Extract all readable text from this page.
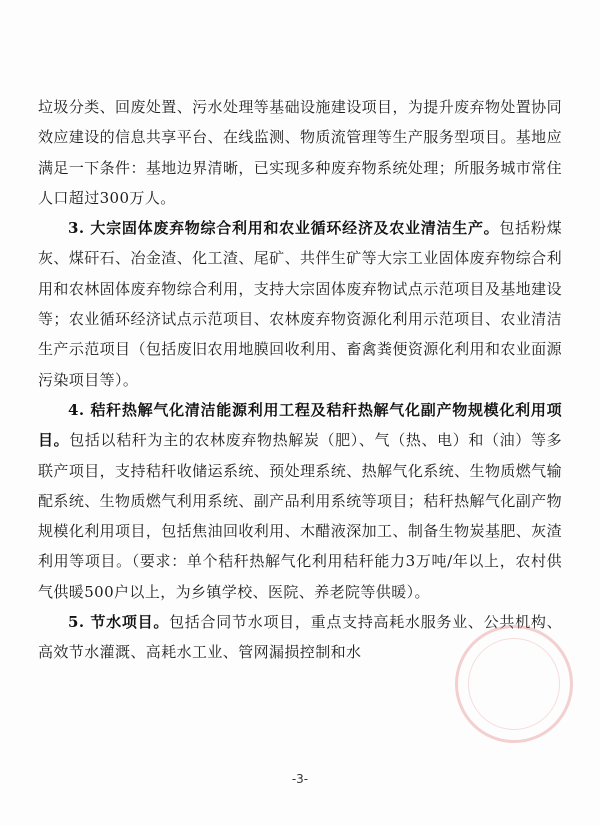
垃圾分类、回废处置、污水处理等基础设施建设项目，为提升废弃物处置协同效应建设的信息共享平台、在线监测、物质流管理等生产服务型项目。基地应满足一下条件：基地边界清晰，已实现多种废弃物系统处理；所服务城市常住人口超过300万人。

3. 大宗固体废弃物综合利用和农业循环经济及农业清洁生产。包括粉煤灰、煤矸石、冶金渣、化工渣、尾矿、共伴生矿等大宗工业固体废弃物综合利用和农林固体废弃物综合利用，支持大宗固体废弃物试点示范项目及基地建设等；农业循环经济试点示范项目、农林废弃物资源化利用示范项目、农业清洁生产示范项目（包括废旧农用地膜回收利用、畜禽粪便资源化利用和农业面源污染项目等）。

4. 秸秆热解气化清洁能源利用工程及秸秆热解气化副产物规模化利用项目。包括以秸秆为主的农林废弃物热解炭（肥）、气（热、电）和（油）等多联产项目，支持秸秆收储运系统、预处理系统、热解气化系统、生物质燃气输配系统、生物质燃气利用系统、副产品利用系统等项目；秸秆热解气化副产物规模化利用项目，包括焦油回收利用、木醋液深加工、制备生物炭基肥、灰渣利用等项目。（要求：单个秸秆热解气化利用秸秆能力3万吨/年以上，农村供气供暖500户以上，为乡镇学校、医院、养老院等供暖）。

5. 节水项目。包括合同节水项目，重点支持高耗水服务业、公共机构、高效节水灌溉、高耗水工业、管网漏损控制和水

-3-
